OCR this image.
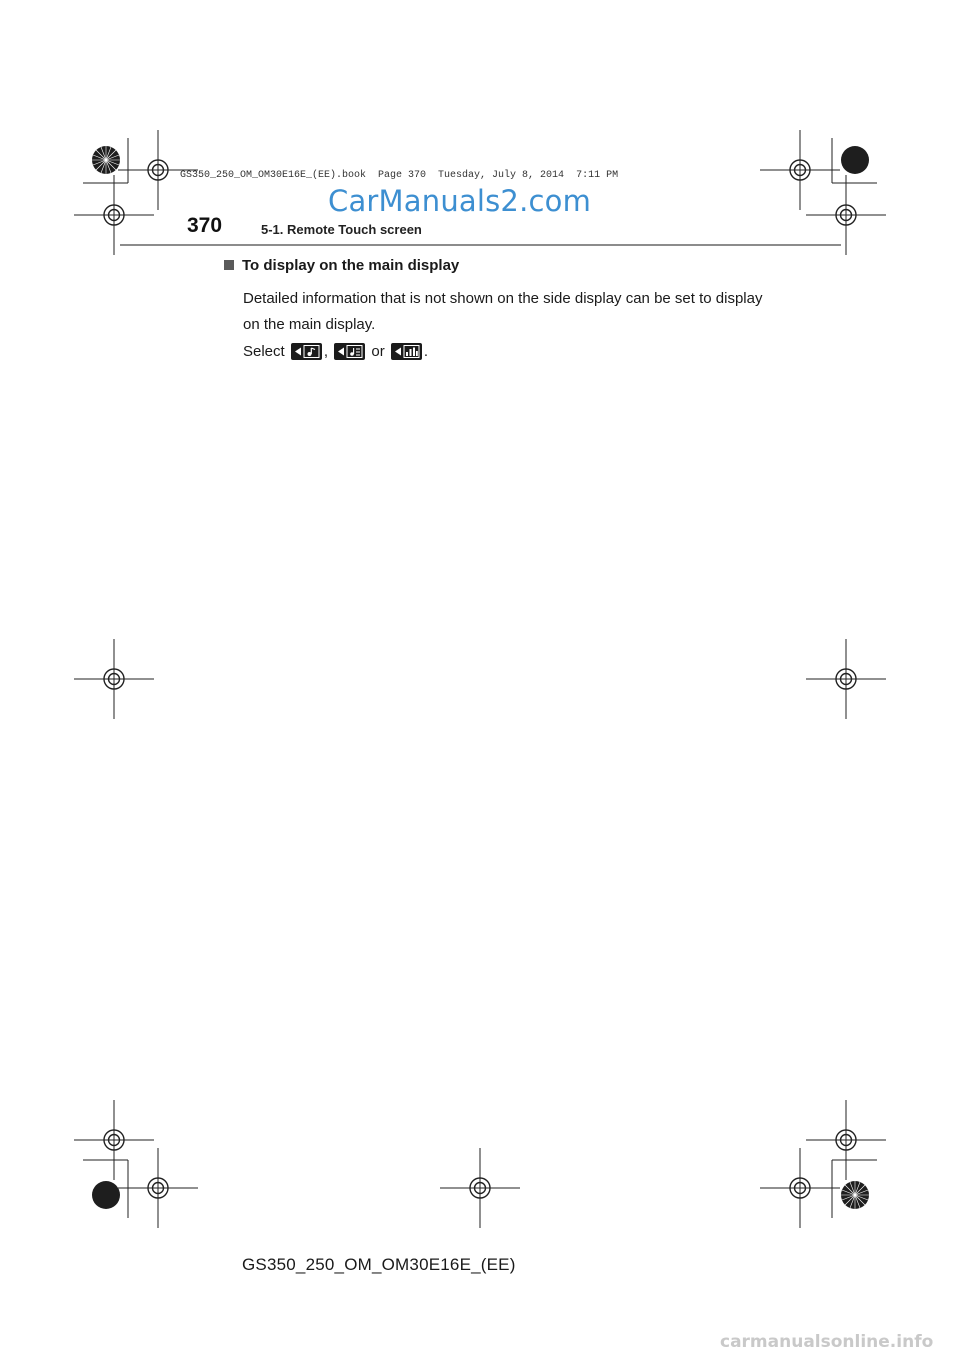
GS350_250_OM_OM30E16E_(EE).book  Page 370  Tuesday, July 8, 2014  7:11 PM
CarManuals2.com
370	5-1. Remote Touch screen
To display on the main display
Detailed information that is not shown on the side display can be set to display on the main display.
Select

	,

	or

	.
GS350_250_OM_OM30E16E_(EE)
carmanualsonline.info
